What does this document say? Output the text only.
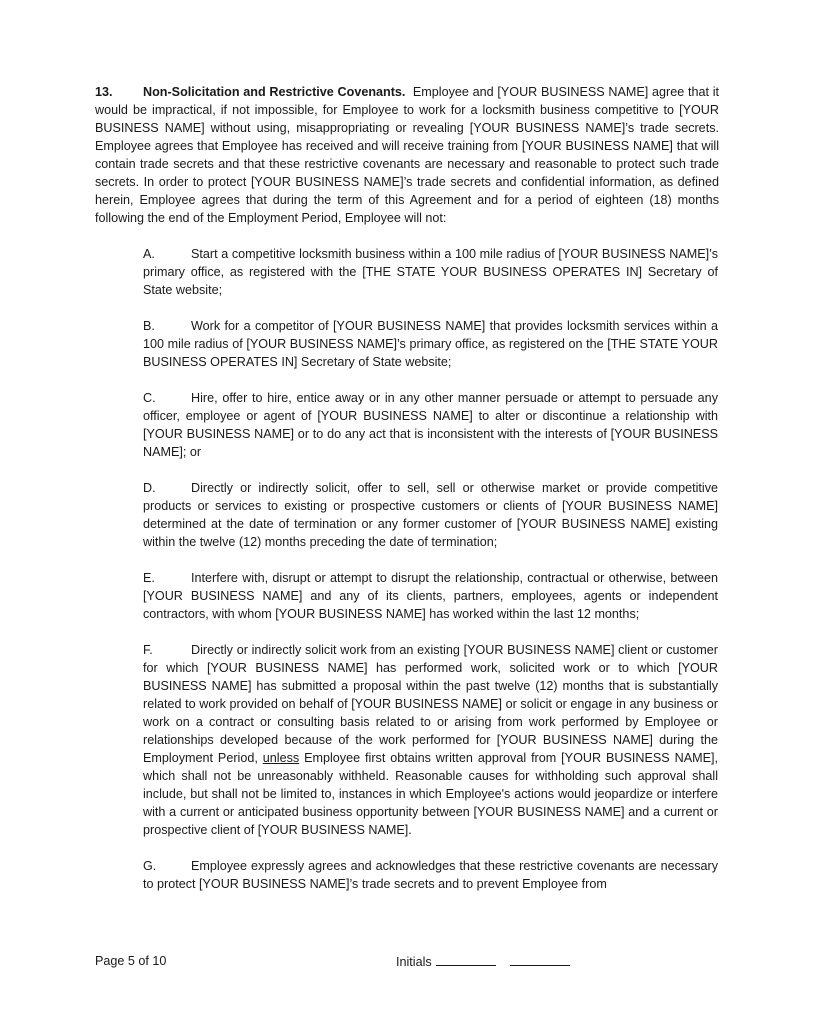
13. Non-Solicitation and Restrictive Covenants. Employee and [YOUR BUSINESS NAME] agree that it would be impractical, if not impossible, for Employee to work for a locksmith business competitive to [YOUR BUSINESS NAME] without using, misappropriating or revealing [YOUR BUSINESS NAME]’s trade secrets. Employee agrees that Employee has received and will receive training from [YOUR BUSINESS NAME] that will contain trade secrets and that these restrictive covenants are necessary and reasonable to protect such trade secrets. In order to protect [YOUR BUSINESS NAME]’s trade secrets and confidential information, as defined herein, Employee agrees that during the term of this Agreement and for a period of eighteen (18) months following the end of the Employment Period, Employee will not:

A.	Start a competitive locksmith business within a 100 mile radius of [YOUR BUSINESS NAME]’s primary office, as registered with the [THE STATE YOUR BUSINESS OPERATES IN] Secretary of State website;

B.	Work for a competitor of [YOUR BUSINESS NAME] that provides locksmith services within a 100 mile radius of [YOUR BUSINESS NAME]’s primary office, as registered on the [THE STATE YOUR BUSINESS OPERATES IN] Secretary of State website;

C.	Hire, offer to hire, entice away or in any other manner persuade or attempt to persuade any officer, employee or agent of [YOUR BUSINESS NAME] to alter or discontinue a relationship with [YOUR BUSINESS NAME] or to do any act that is inconsistent with the interests of [YOUR BUSINESS NAME]; or

D.	Directly or indirectly solicit, offer to sell, sell or otherwise market or provide competitive products or services to existing or prospective customers or clients of [YOUR BUSINESS NAME] determined at the date of termination or any former customer of [YOUR BUSINESS NAME] existing within the twelve (12) months preceding the date of termination;

E.	Interfere with, disrupt or attempt to disrupt the relationship, contractual or otherwise, between [YOUR BUSINESS NAME] and any of its clients, partners, employees, agents or independent contractors, with whom [YOUR BUSINESS NAME] has worked within the last 12 months;

F.	Directly or indirectly solicit work from an existing [YOUR BUSINESS NAME] client or customer for which [YOUR BUSINESS NAME] has performed work, solicited work or to which [YOUR BUSINESS NAME] has submitted a proposal within the past twelve (12) months that is substantially related to work provided on behalf of [YOUR BUSINESS NAME] or solicit or engage in any business or work on a contract or consulting basis related to or arising from work performed by Employee or relationships developed because of the work performed for [YOUR BUSINESS NAME] during the Employment Period, unless Employee first obtains written approval from [YOUR BUSINESS NAME], which shall not be unreasonably withheld. Reasonable causes for withholding such approval shall include, but shall not be limited to, instances in which Employee's actions would jeopardize or interfere with a current or anticipated business opportunity between [YOUR BUSINESS NAME] and a current or prospective client of [YOUR BUSINESS NAME].

G.	Employee expressly agrees and acknowledges that these restrictive covenants are necessary to protect [YOUR BUSINESS NAME]’s trade secrets and to prevent Employee from

Page 5 of 10	Initials
